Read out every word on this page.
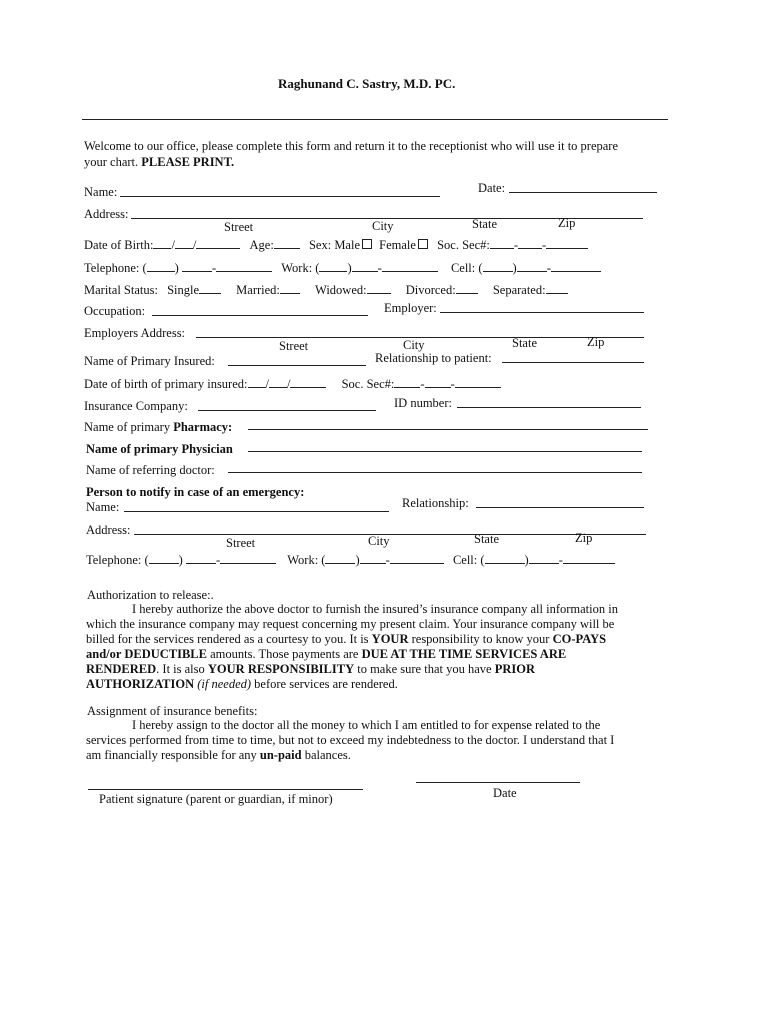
Raghunand C. Sastry, M.D. PC.
Welcome to our office, please complete this form and return it to the receptionist who will use it to prepare
your chart. PLEASE PRINT.
Name:	Date:
Address:
Street	City	State	Zip
Date of Birth: / /	Age:	Sex: Male Female Soc. Sec#: - -
Telephone: ( )	-	Work: ( ) -	Cell: ( ) -
Marital Status: Single	Married:	Widowed:	Divorced:	Separated:
Occupation:	Employer:
Employers Address:
Street	City	State	Zip
Name of Primary Insured:	Relationship to patient:
Date of birth of primary insured: / /	Soc. Sec#: - -
Insurance Company:	ID number:
Name of primary Pharmacy:
Name of primary Physician
Name of referring doctor:
Person to notify in case of an emergency:
Name:	Relationship:
Address:
Street	City	State	Zip
Telephone: ( )	-	Work: ( ) -	Cell: (	) -
Authorization to release:.

I hereby authorize the above doctor to furnish the insured’s insurance company all information in

which the insurance company may request concerning my present claim. Your insurance company will be

billed for the services rendered as a courtesy to you. It is YOUR responsibility to know your CO-PAYS

and/or DEDUCTIBLE amounts. Those payments are DUE AT THE TIME SERVICES ARE

RENDERED. It is also YOUR RESPONSIBILITY to make sure that you have PRIOR

AUTHORIZATION (if needed) before services are rendered.

Assignment of insurance benefits:

I hereby assign to the doctor all the money to which I am entitled to for expense related to the

services performed from time to time, but not to exceed my indebtedness to the doctor. I understand that I

am financially responsible for any un-paid balances.

Patient signature (parent or guardian, if minor)	Date
